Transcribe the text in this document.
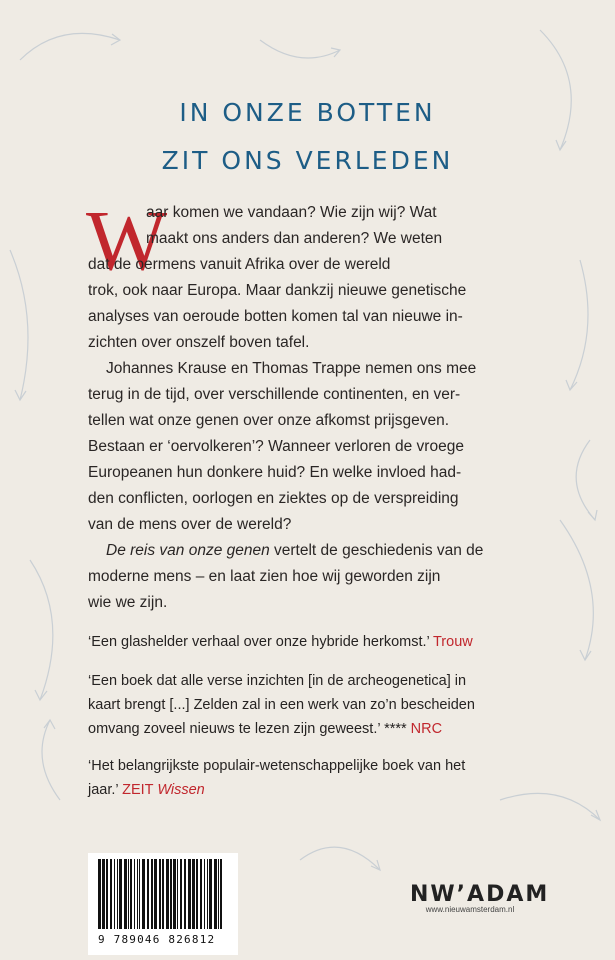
IN ONZE BOTTEN
ZIT ONS VERLEDEN
W
aar komen we vandaan? Wie zijn wij? Wat
maakt ons anders dan anderen? We weten
dat de oermens vanuit Afrika over de wereld
trok, ook naar Europa. Maar dankzij nieuwe genetische
analyses van oeroude botten komen tal van nieuwe in-
zichten over onszelf boven tafel.
Johannes Krause en Thomas Trappe nemen ons mee
terug in de tijd, over verschillende continenten, en ver-
tellen wat onze genen over onze afkomst prijsgeven.
Bestaan er ‘oervolkeren’? Wanneer verloren de vroege
Europeanen hun donkere huid? En welke invloed had-
den conflicten, oorlogen en ziektes op de verspreiding
van de mens over de wereld?
De reis van onze genen vertelt de geschiedenis van de
moderne mens – en laat zien hoe wij geworden zijn
wie we zijn.
‘Een glashelder verhaal over onze hybride herkomst.’ Trouw
‘Een boek dat alle verse inzichten [in de archeogenetica] in
kaart brengt [...] Zelden zal in een werk van zo’n bescheiden
omvang zoveel nieuws te lezen zijn geweest.’ **** NRC
‘Het belangrijkste populair-wetenschappelijke boek van het
jaar.’ ZEIT Wissen
9 789046 826812
NW’ADAM
www.nieuwamsterdam.nl
